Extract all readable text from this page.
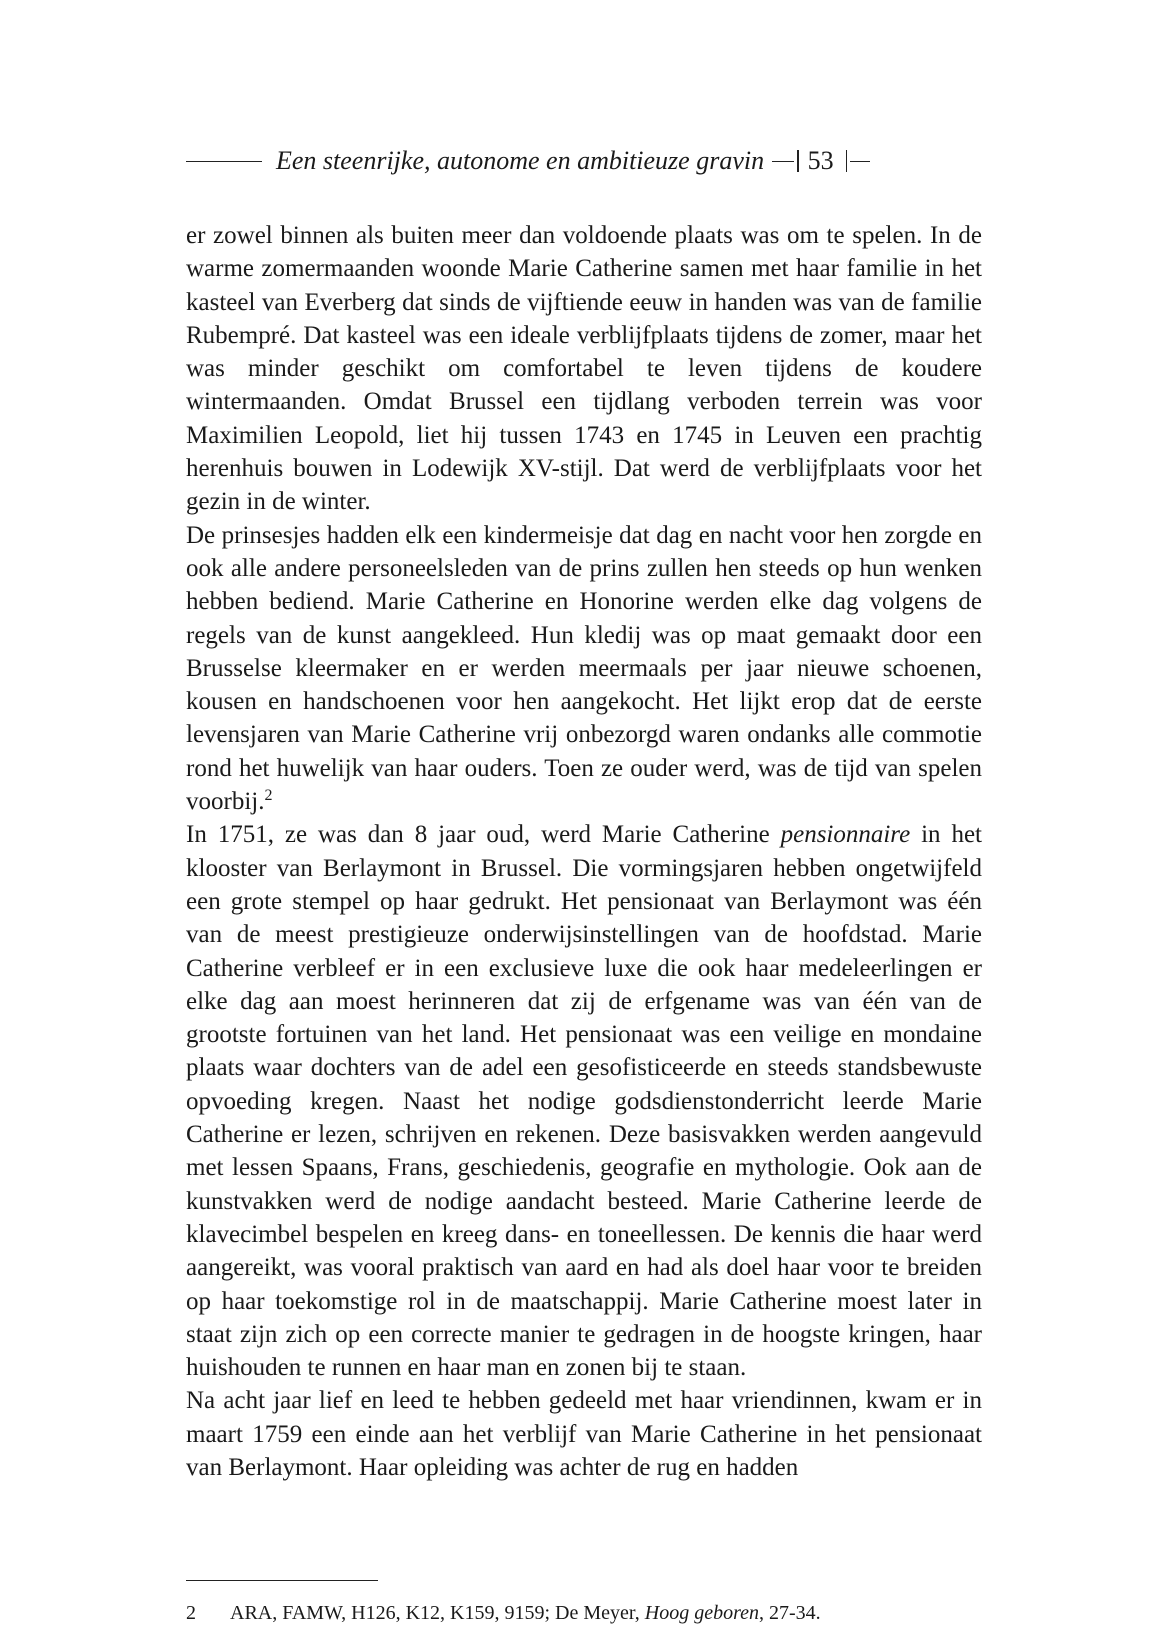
Een steenrijke, autonome en ambitieuze gravin 53

er zowel binnen als buiten meer dan voldoende plaats was om te spelen. In de warme zomermaanden woonde Marie Catherine samen met haar familie in het kasteel van Everberg dat sinds de vijftiende eeuw in handen was van de familie Rubempré. Dat kasteel was een ideale verblijfplaats tijdens de zomer, maar het was minder geschikt om comfortabel te leven tijdens de koudere wintermaanden. Omdat Brussel een tijdlang verboden terrein was voor Maximilien Leopold, liet hij tussen 1743 en 1745 in Leuven een prachtig herenhuis bouwen in Lodewijk XV-stijl. Dat werd de verblijfplaats voor het gezin in de winter.

De prinsesjes hadden elk een kindermeisje dat dag en nacht voor hen zorgde en ook alle andere personeelsleden van de prins zullen hen steeds op hun wenken hebben bediend. Marie Catherine en Honorine werden elke dag volgens de regels van de kunst aangekleed. Hun kledij was op maat gemaakt door een Brusselse kleermaker en er werden meermaals per jaar nieuwe schoenen, kousen en handschoenen voor hen aangekocht. Het lijkt erop dat de eerste levensjaren van Marie Catherine vrij onbezorgd waren ondanks alle commotie rond het huwelijk van haar ouders. Toen ze ouder werd, was de tijd van spelen voorbij.$^2$

In 1751, ze was dan 8 jaar oud, werd Marie Catherine pensionnaire in het klooster van Berlaymont in Brussel. Die vormingsjaren hebben ongetwijfeld een grote stempel op haar gedrukt. Het pensionaat van Berlaymont was één van de meest prestigieuze onderwijsinstellingen van de hoofdstad. Marie Catherine verbleef er in een exclusieve luxe die ook haar medeleerlingen er elke dag aan moest herinneren dat zij de erfgename was van één van de grootste fortuinen van het land. Het pensionaat was een veilige en mondaine plaats waar dochters van de adel een gesofisticeerde en steeds standsbewuste opvoeding kregen. Naast het nodige godsdienstonderricht leerde Marie Catherine er lezen, schrijven en rekenen. Deze basisvakken werden aangevuld met lessen Spaans, Frans, geschiedenis, geografie en mythologie. Ook aan de kunstvakken werd de nodige aandacht besteed. Marie Catherine leerde de klavecimbel bespelen en kreeg dans- en toneellessen. De kennis die haar werd aangereikt, was vooral praktisch van aard en had als doel haar voor te breiden op haar toekomstige rol in de maatschappij. Marie Catherine moest later in staat zijn zich op een correcte manier te gedragen in de hoogste kringen, haar huishouden te runnen en haar man en zonen bij te staan.

Na acht jaar lief en leed te hebben gedeeld met haar vriendinnen, kwam er in maart 1759 een einde aan het verblijf van Marie Catherine in het pensionaat van Berlaymont. Haar opleiding was achter de rug en hadden

2 ARA, FAMW, H126, K12, K159, 9159; De Meyer, Hoog geboren, 27-34.
